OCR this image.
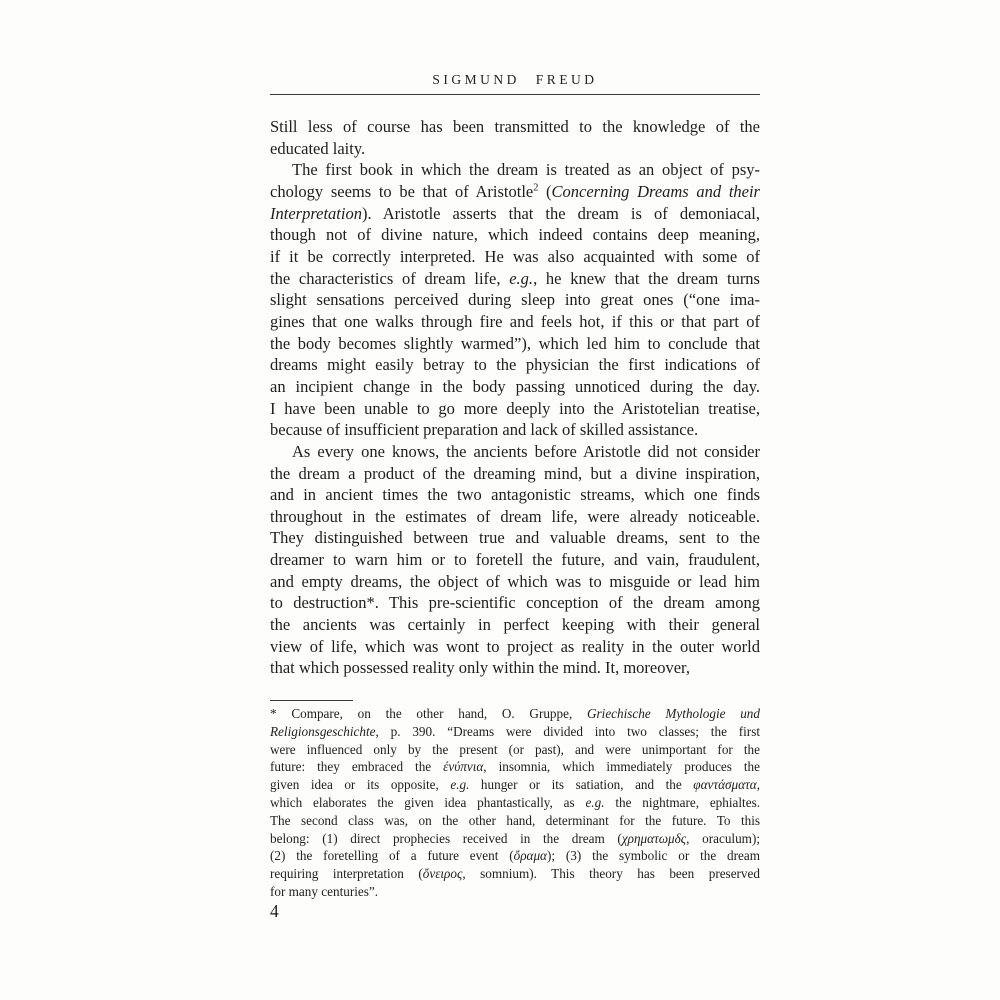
SIGMUND FREUD
Still less of course has been transmitted to the knowledge of the
educated laity.
The first book in which the dream is treated as an object of psy-
chology seems to be that of Aristotle$^2$ (Concerning Dreams and their
Interpretation). Aristotle asserts that the dream is of demoniacal,
though not of divine nature, which indeed contains deep meaning,
if it be correctly interpreted. He was also acquainted with some of
the characteristics of dream life, e.g., he knew that the dream turns
slight sensations perceived during sleep into great ones (“one ima-
gines that one walks through fire and feels hot, if this or that part of
the body becomes slightly warmed”), which led him to conclude that
dreams might easily betray to the physician the first indications of
an incipient change in the body passing unnoticed during the day.
I have been unable to go more deeply into the Aristotelian treatise,
because of insufficient preparation and lack of skilled assistance.
As every one knows, the ancients before Aristotle did not consider
the dream a product of the dreaming mind, but a divine inspiration,
and in ancient times the two antagonistic streams, which one finds
throughout in the estimates of dream life, were already noticeable.
They distinguished between true and valuable dreams, sent to the
dreamer to warn him or to foretell the future, and vain, fraudulent,
and empty dreams, the object of which was to misguide or lead him
to destruction*. This pre-scientific conception of the dream among
the ancients was certainly in perfect keeping with their general
view of life, which was wont to project as reality in the outer world
that which possessed reality only within the mind. It, moreover,
* Compare, on the other hand, O. Gruppe, Griechische Mythologie und
Religionsgeschichte, p. 390. “Dreams were divided into two classes; the first
were influenced only by the present (or past), and were unimportant for the
future: they embraced the ένύπνια, insomnia, which immediately produces the
given idea or its opposite, e.g. hunger or its satiation, and the φαντάσματα,
which elaborates the given idea phantastically, as e.g. the nightmare, ephialtes.
The second class was, on the other hand, determinant for the future. To this
belong: (1) direct prophecies received in the dream (χρηματωμδς, oraculum);
(2) the foretelling of a future event (ὄραμα); (3) the symbolic or the dream
requiring interpretation (ὄνειρος, somnium). This theory has been preserved
for many centuries”.
4
